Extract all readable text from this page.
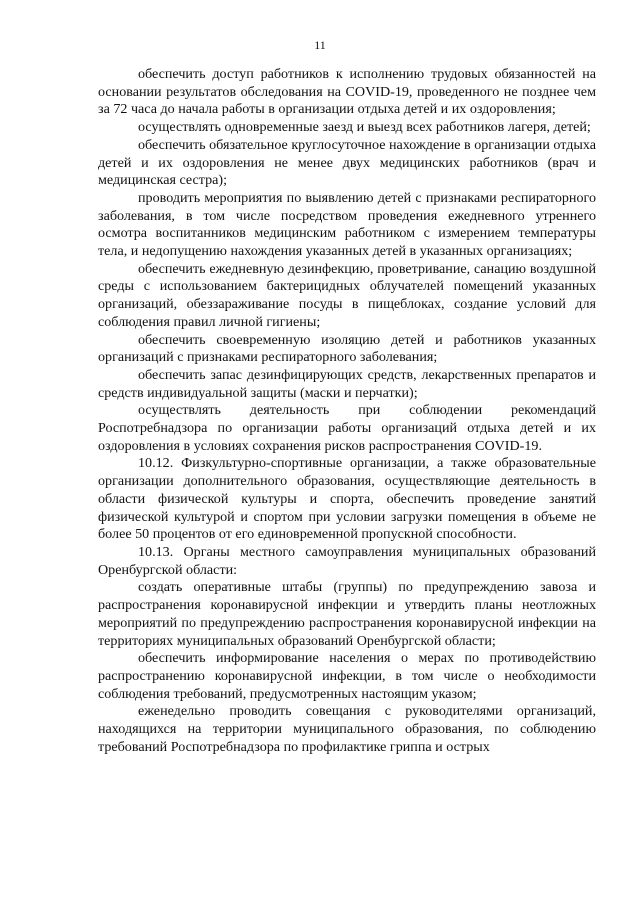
11

обеспечить доступ работников к исполнению трудовых обязанностей на основании результатов обследования на COVID-19, проведенного не позднее чем за 72 часа до начала работы в организации отдыха детей и их оздоровления;

осуществлять одновременные заезд и выезд всех работников лагеря, детей;

обеспечить обязательное круглосуточное нахождение в организации отдыха детей и их оздоровления не менее двух медицинских работников (врач и медицинская сестра);

проводить мероприятия по выявлению детей с признаками респираторного заболевания, в том числе посредством проведения ежедневного утреннего осмотра воспитанников медицинским работником с измерением температуры тела, и недопущению нахождения указанных детей в указанных организациях;

обеспечить ежедневную дезинфекцию, проветривание, санацию воздушной среды с использованием бактерицидных облучателей помещений указанных организаций, обеззараживание посуды в пищеблоках, создание условий для соблюдения правил личной гигиены;

обеспечить своевременную изоляцию детей и работников указанных организаций с признаками респираторного заболевания;

обеспечить запас дезинфицирующих средств, лекарственных препаратов и средств индивидуальной защиты (маски и перчатки);

осуществлять деятельность при соблюдении рекомендаций Роспотребнадзора по организации работы организаций отдыха детей и их оздоровления в условиях сохранения рисков распространения COVID-19.

10.12. Физкультурно-спортивные организации, а также образовательные организации дополнительного образования, осуществляющие деятельность в области физической культуры и спорта, обеспечить проведение занятий физической культурой и спортом при условии загрузки помещения в объеме не более 50 процентов от его единовременной пропускной способности.

10.13. Органы местного самоуправления муниципальных образований Оренбургской области:

создать оперативные штабы (группы) по предупреждению завоза и распространения коронавирусной инфекции и утвердить планы неотложных мероприятий по предупреждению распространения коронавирусной инфекции на территориях муниципальных образований Оренбургской области;

обеспечить информирование населения о мерах по противодействию распространению коронавирусной инфекции, в том числе о необходимости соблюдения требований, предусмотренных настоящим указом;

еженедельно проводить совещания с руководителями организаций, находящихся на территории муниципального образования, по соблюдению требований Роспотребнадзора по профилактике гриппа и острых
